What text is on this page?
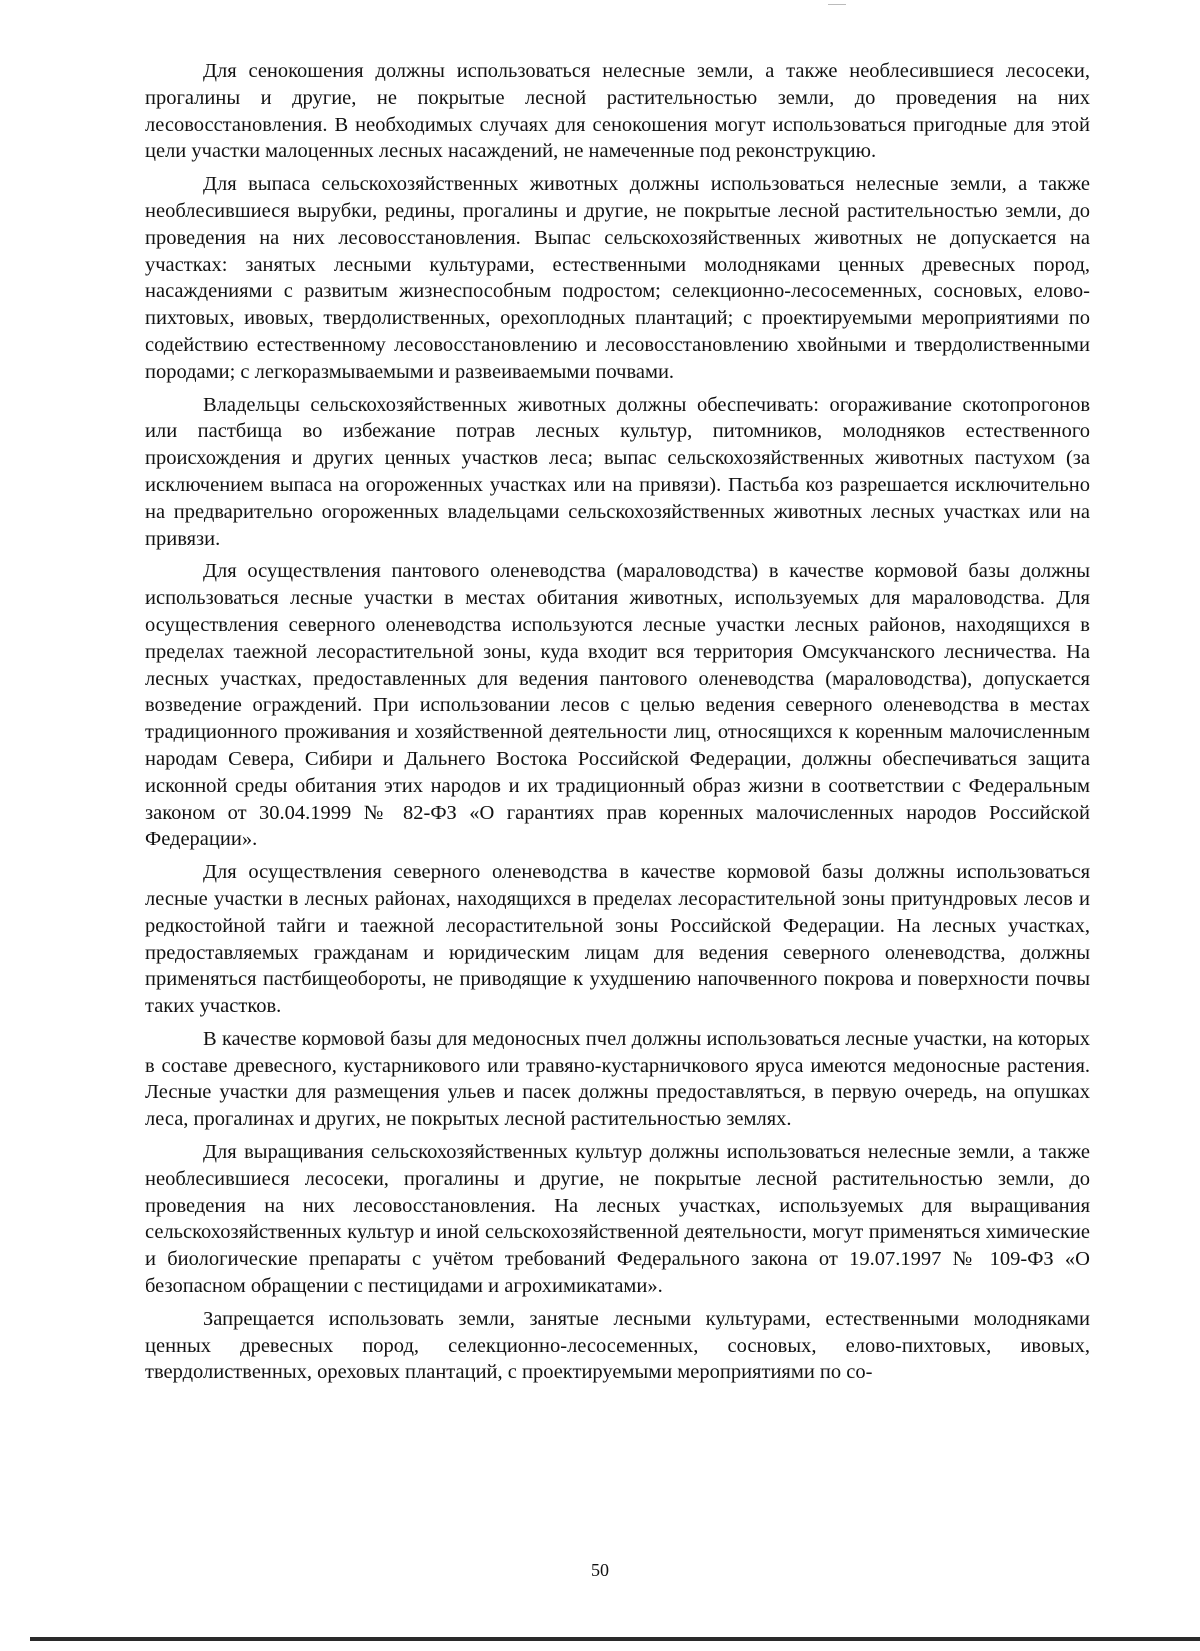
Для сенокошения должны использоваться нелесные земли, а также необлесившиеся лесосеки, прогалины и другие, не покрытые лесной растительностью земли, до проведения на них лесовосстановления. В необходимых случаях для сенокошения могут использоваться пригодные для этой цели участки малоценных лесных насаждений, не намеченные под реконструкцию.

Для выпаса сельскохозяйственных животных должны использоваться нелесные земли, а также необлесившиеся вырубки, редины, прогалины и другие, не покрытые лесной растительностью земли, до проведения на них лесовосстановления. Выпас сельскохозяйственных животных не допускается на участках: занятых лесными культурами, естественными молодняками ценных древесных пород, насаждениями с развитым жизнеспособным подростом; селекционно-лесосеменных, сосновых, елово-пихтовых, ивовых, твердолиственных, орехоплодных плантаций; с проектируемыми мероприятиями по содействию естественному лесовосстановлению и лесовосстановлению хвойными и твердолиственными породами; с легкоразмываемыми и развеиваемыми почвами.

Владельцы сельскохозяйственных животных должны обеспечивать: огораживание скотопрогонов или пастбища во избежание потрав лесных культур, питомников, молодняков естественного происхождения и других ценных участков леса; выпас сельскохозяйственных животных пастухом (за исключением выпаса на огороженных участках или на привязи). Пастьба коз разрешается исключительно на предварительно огороженных владельцами сельскохозяйственных животных лесных участках или на привязи.

Для осуществления пантового оленеводства (мараловодства) в качестве кормовой базы должны использоваться лесные участки в местах обитания животных, используемых для мараловодства. Для осуществления северного оленеводства используются лесные участки лесных районов, находящихся в пределах таежной лесорастительной зоны, куда входит вся территория Омсукчанского лесничества. На лесных участках, предоставленных для ведения пантового оленеводства (мараловодства), допускается возведение ограждений. При использовании лесов с целью ведения северного оленеводства в местах традиционного проживания и хозяйственной деятельности лиц, относящихся к коренным малочисленным народам Севера, Сибири и Дальнего Востока Российской Федерации, должны обеспечиваться защита исконной среды обитания этих народов и их традиционный образ жизни в соответствии с Федеральным законом от 30.04.1999 № 82-ФЗ «О гарантиях прав коренных малочисленных народов Российской Федерации».

Для осуществления северного оленеводства в качестве кормовой базы должны использоваться лесные участки в лесных районах, находящихся в пределах лесорастительной зоны притундровых лесов и редкостойной тайги и таежной лесорастительной зоны Российской Федерации. На лесных участках, предоставляемых гражданам и юридическим лицам для ведения северного оленеводства, должны применяться пастбищеобороты, не приводящие к ухудшению напочвенного покрова и поверхности почвы таких участков.

В качестве кормовой базы для медоносных пчел должны использоваться лесные участки, на которых в составе древесного, кустарникового или травяно-кустарничкового яруса имеются медоносные растения. Лесные участки для размещения ульев и пасек должны предоставляться, в первую очередь, на опушках леса, прогалинах и других, не покрытых лесной растительностью землях.

Для выращивания сельскохозяйственных культур должны использоваться нелесные земли, а также необлесившиеся лесосеки, прогалины и другие, не покрытые лесной растительностью земли, до проведения на них лесовосстановления. На лесных участках, используемых для выращивания сельскохозяйственных культур и иной сельскохозяйственной деятельности, могут применяться химические и биологические препараты с учётом требований Федерального закона от 19.07.1997 № 109-ФЗ «О безопасном обращении с пестицидами и агрохимикатами».

Запрещается использовать земли, занятые лесными культурами, естественными молодняками ценных древесных пород, селекционно-лесосеменных, сосновых, елово-пихтовых, ивовых, твердолиственных, ореховых плантаций, с проектируемыми мероприятиями по со-

50
